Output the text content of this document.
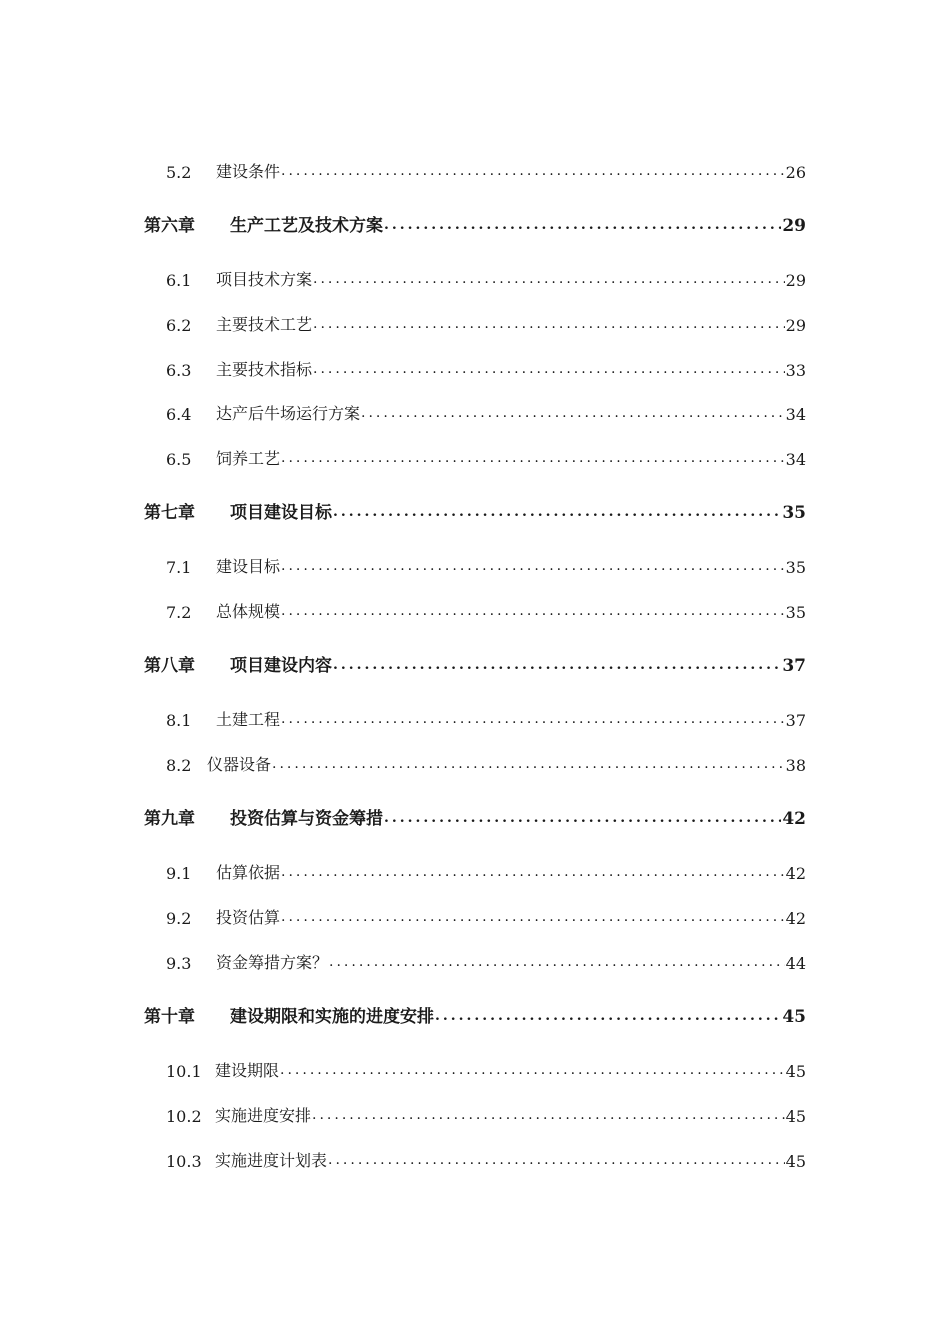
5.2	建设条件 .....	26
第六章	生产工艺及技术方案 .....	29
6.1	项目技术方案 .....	29
6.2	主要技术工艺 .....	29
6.3	主要技术指标 .....	33
6.4	达产后牛场运行方案 .....	34
6.5	饲养工艺 .....	34
第七章	项目建设目标 .....	35
7.1	建设目标 .....	35
7.2	总体规模 .....	35
第八章	项目建设内容 .....	37
8.1	土建工程 .....	37
8.2 仪器设备 .....	38
第九章	投资估算与资金筹措 .....	42
9.1	估算依据 .....	42
9.2	投资估算 .....	42
9.3	资金筹措方案？ .....	44
第十章	建设期限和实施的进度安排 .....	45
10.1 建设期限 .....	45
10.2 实施进度安排 .....	45
10.3 实施进度计划表 .....	45
